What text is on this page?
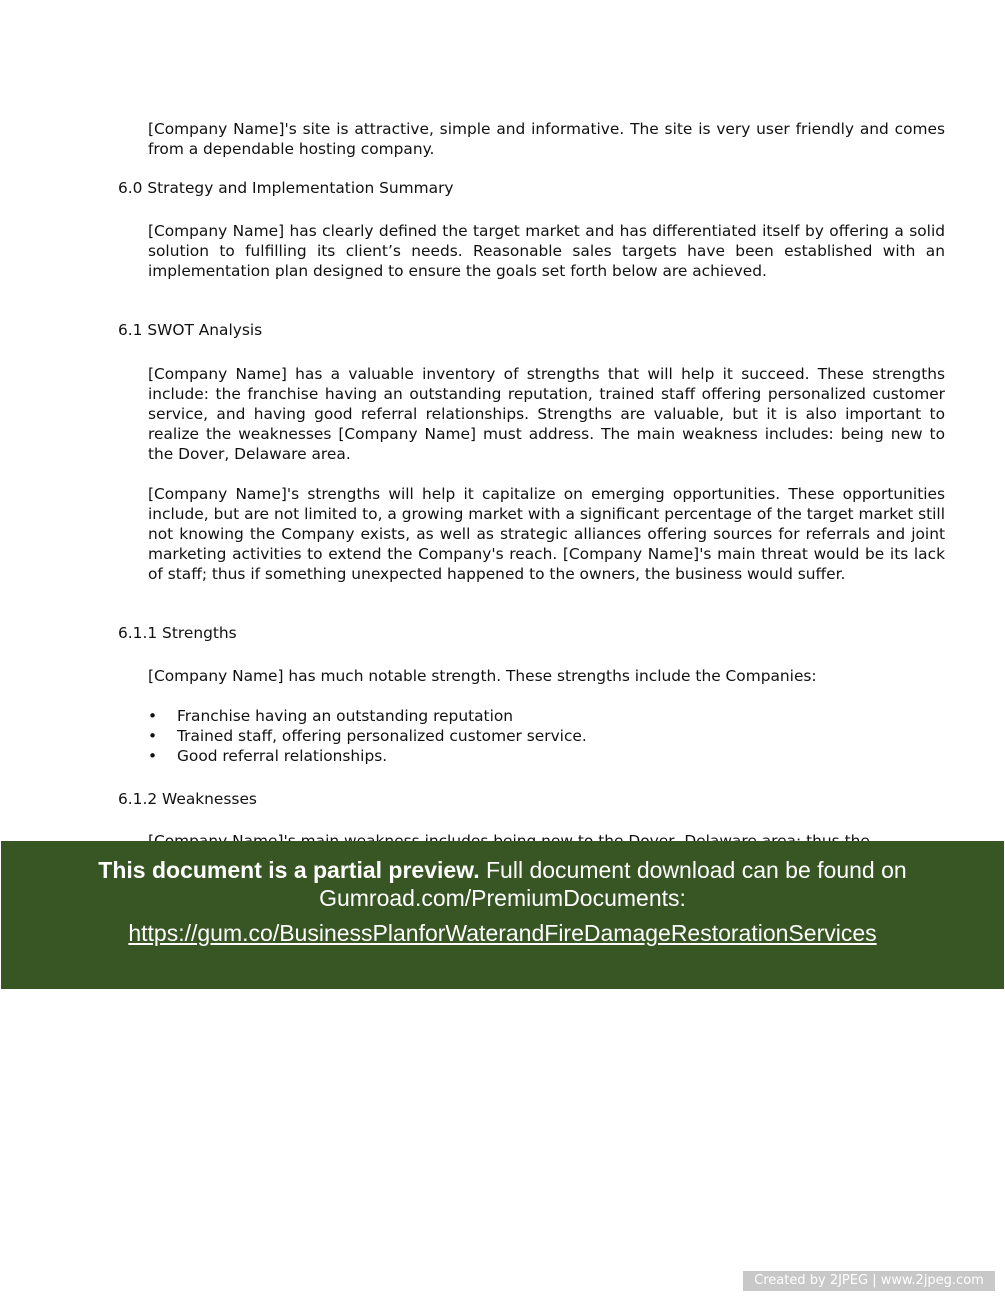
[Company Name]'s site is attractive, simple and informative. The site is very user friendly and comes from a dependable hosting company.

6.0 Strategy and Implementation Summary

[Company Name] has clearly defined the target market and has differentiated itself by offering a solid solution to fulfilling its client’s needs. Reasonable sales targets have been established with an implementation plan designed to ensure the goals set forth below are achieved.

6.1 SWOT Analysis

[Company Name] has a valuable inventory of strengths that will help it succeed. These strengths include: the franchise having an outstanding reputation, trained staff offering personalized customer service, and having good referral relationships. Strengths are valuable, but it is also important to realize the weaknesses [Company Name] must address. The main weakness includes: being new to the Dover, Delaware area.

[Company Name]'s strengths will help it capitalize on emerging opportunities. These opportunities include, but are not limited to, a growing market with a significant percentage of the target market still not knowing the Company exists, as well as strategic alliances offering sources for referrals and joint marketing activities to extend the Company's reach. [Company Name]'s main threat would be its lack of staff; thus if something unexpected happened to the owners, the business would suffer.

6.1.1 Strengths

[Company Name] has much notable strength. These strengths include the Companies:

• Franchise having an outstanding reputation
• Trained staff, offering personalized customer service.
• Good referral relationships.

6.1.2 Weaknesses

This document is a partial preview. Full document download can be found on
Gumroad.com/PremiumDocuments:
https://gum.co/BusinessPlanforWaterandFireDamageRestorationServices
Created by 2JPEG | www.2jpeg.com
